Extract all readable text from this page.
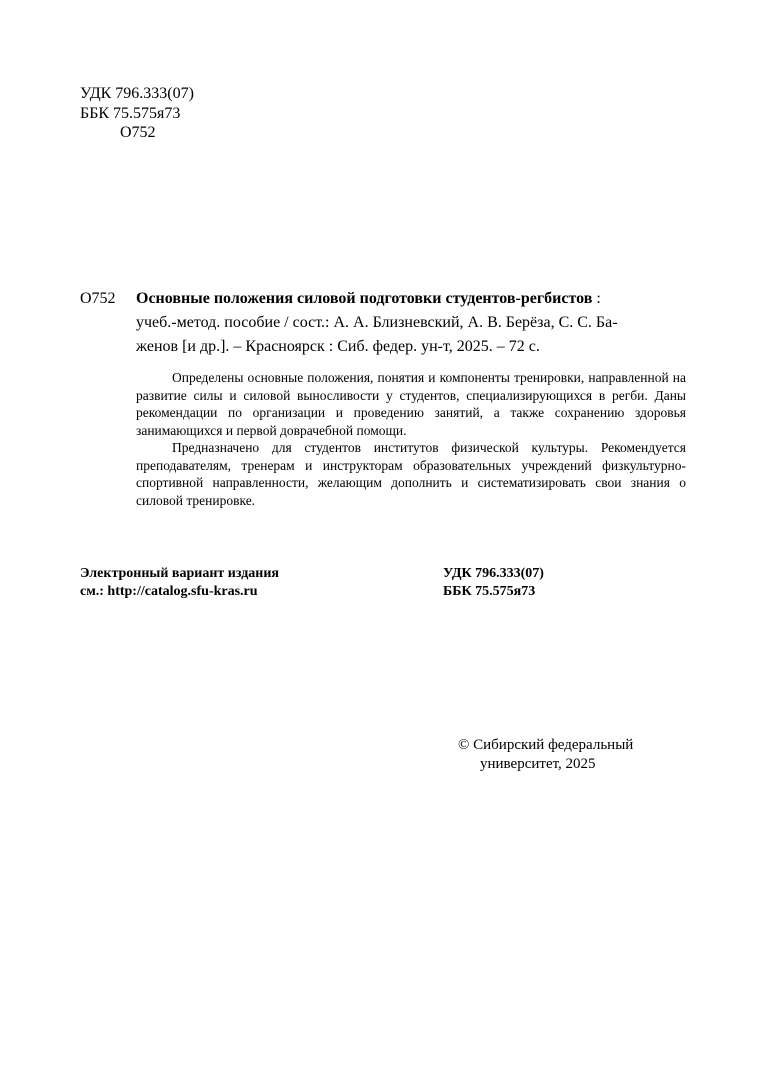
УДК 796.333(07)
ББК 75.575я73
О752
О752 Основные положения силовой подготовки студентов-регбистов :
учеб.-метод. пособие / сост.: А. А. Близневский, А. В. Берёза, С. С. Ба-
женов [и др.]. – Красноярск : Сиб. федер. ун-т, 2025. – 72 с.

Определены основные положения, понятия и компоненты тренировки, направленной на развитие силы и силовой выносливости у студентов, специализирующихся в регби. Даны рекомендации по организации и проведению занятий, а также сохранению здоровья занимающихся и первой доврачебной помощи.

Предназначено для студентов институтов физической культуры. Рекомендуется преподавателям, тренерам и инструкторам образовательных учреждений физкультурно-спортивной направленности, желающим дополнить и систематизировать свои знания о силовой тренировке.

Электронный вариант издания
см.: http://catalog.sfu-kras.ru
УДК 796.333(07)
ББК 75.575я73
© Сибирский федеральный
университет, 2025
